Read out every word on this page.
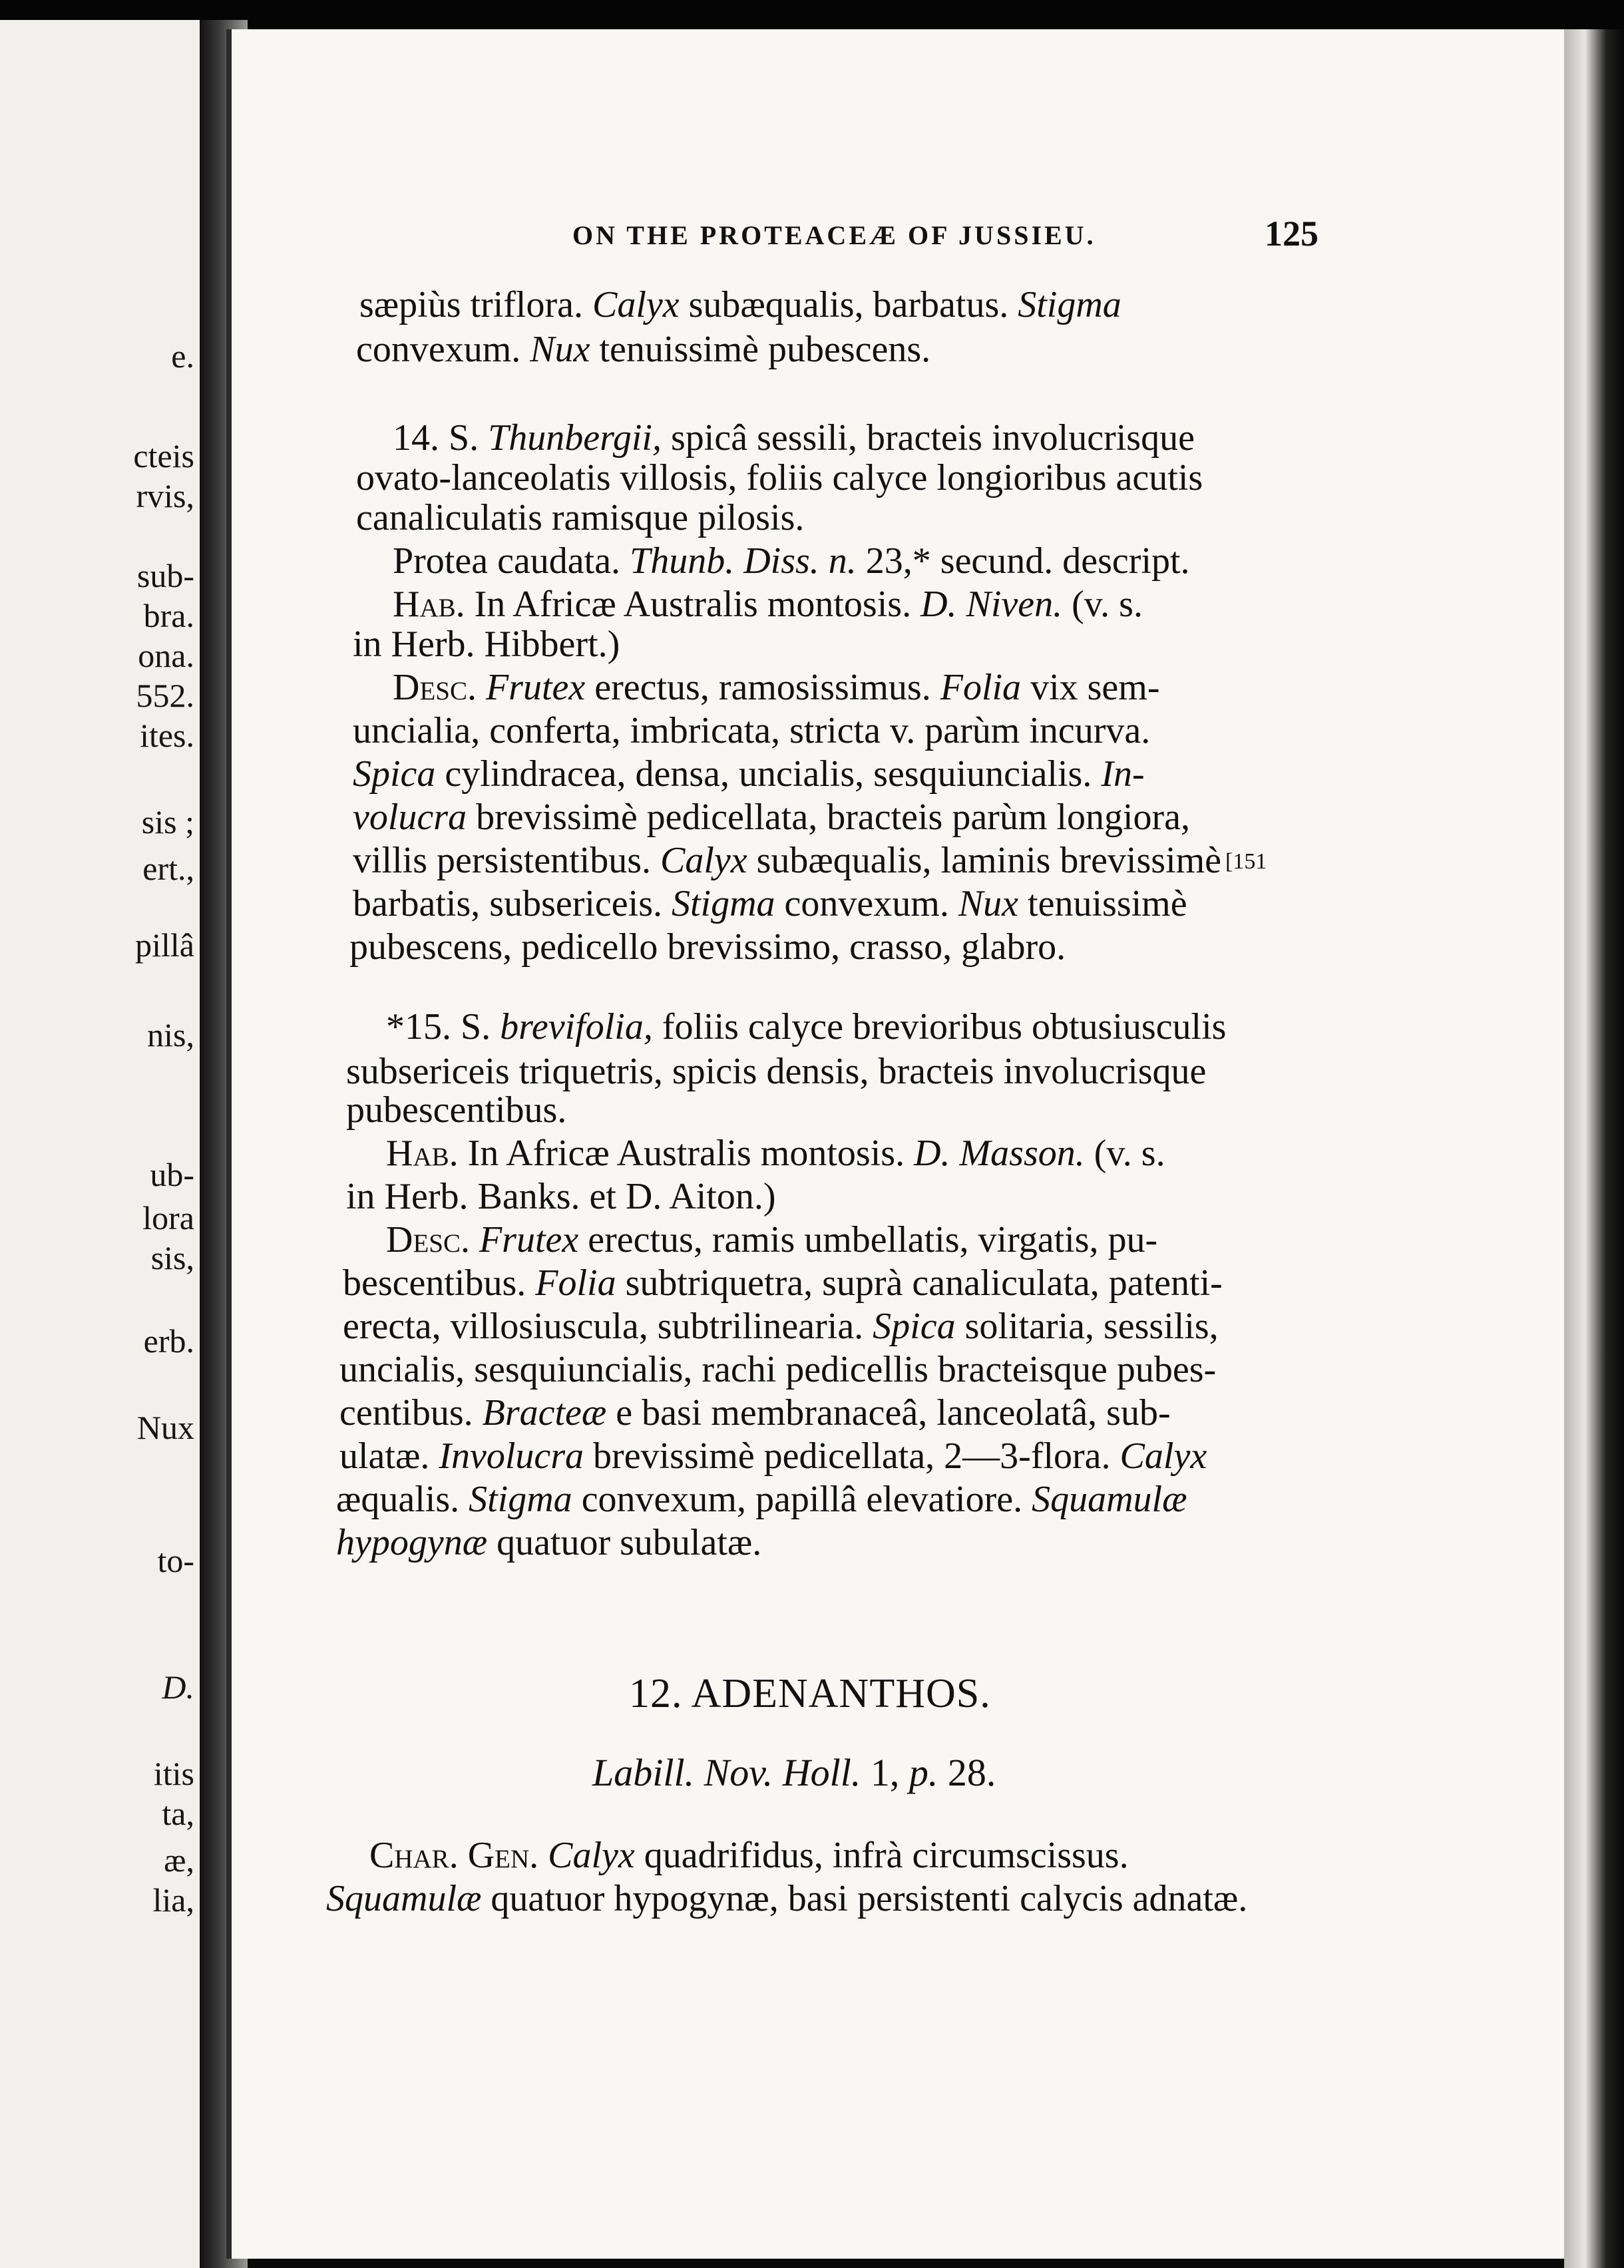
e.
cteis
rvis,
sub-
bra.
ona.
552.
ites.
sis ;
ert.,
pillâ
nis,
ub-
lora
sis,
erb.
Nux
to-
D.
itis
ta,
æ,
lia,
ON THE PROTEACEÆ OF JUSSIEU.	125
sæpiùs triflora. Calyx subæqualis, barbatus. Stigma
convexum. Nux tenuissimè pubescens.
14. S. Thunbergii, spicâ sessili, bracteis involucrisque
ovato-lanceolatis villosis, foliis calyce longioribus acutis
canaliculatis ramisque pilosis.
Protea caudata. Thunb. Diss. n. 23,* secund. descript.
Hab. In Africæ Australis montosis. D. Niven. (v. s.
in Herb. Hibbert.)
Desc. Frutex erectus, ramosissimus. Folia vix sem-
uncialia, conferta, imbricata, stricta v. parùm incurva.
Spica cylindracea, densa, uncialis, sesquiuncialis. In-
volucra brevissimè pedicellata, bracteis parùm longiora,
villis persistentibus. Calyx subæqualis, laminis brevissimè [151
barbatis, subsericeis. Stigma convexum. Nux tenuissimè
pubescens, pedicello brevissimo, crasso, glabro.
*15. S. brevifolia, foliis calyce brevioribus obtusiusculis
subsericeis triquetris, spicis densis, bracteis involucrisque
pubescentibus.
Hab. In Africæ Australis montosis. D. Masson. (v. s.
in Herb. Banks. et D. Aiton.)
Desc. Frutex erectus, ramis umbellatis, virgatis, pu-
bescentibus. Folia subtriquetra, suprà canaliculata, patenti-
erecta, villosiuscula, subtrilinearia. Spica solitaria, sessilis,
uncialis, sesquiuncialis, rachi pedicellis bracteisque pubes-
centibus. Bracteæ e basi membranaceâ, lanceolatâ, sub-
ulatæ. Involucra brevissimè pedicellata, 2—3-flora. Calyx
æqualis. Stigma convexum, papillâ elevatiore. Squamulæ
hypogynæ quatuor subulatæ.
12. ADENANTHOS.
Labill. Nov. Holl. 1, p. 28.
Char. Gen. Calyx quadrifidus, infrà circumscissus.
Squamulæ quatuor hypogynæ, basi persistenti calycis adnatæ.
